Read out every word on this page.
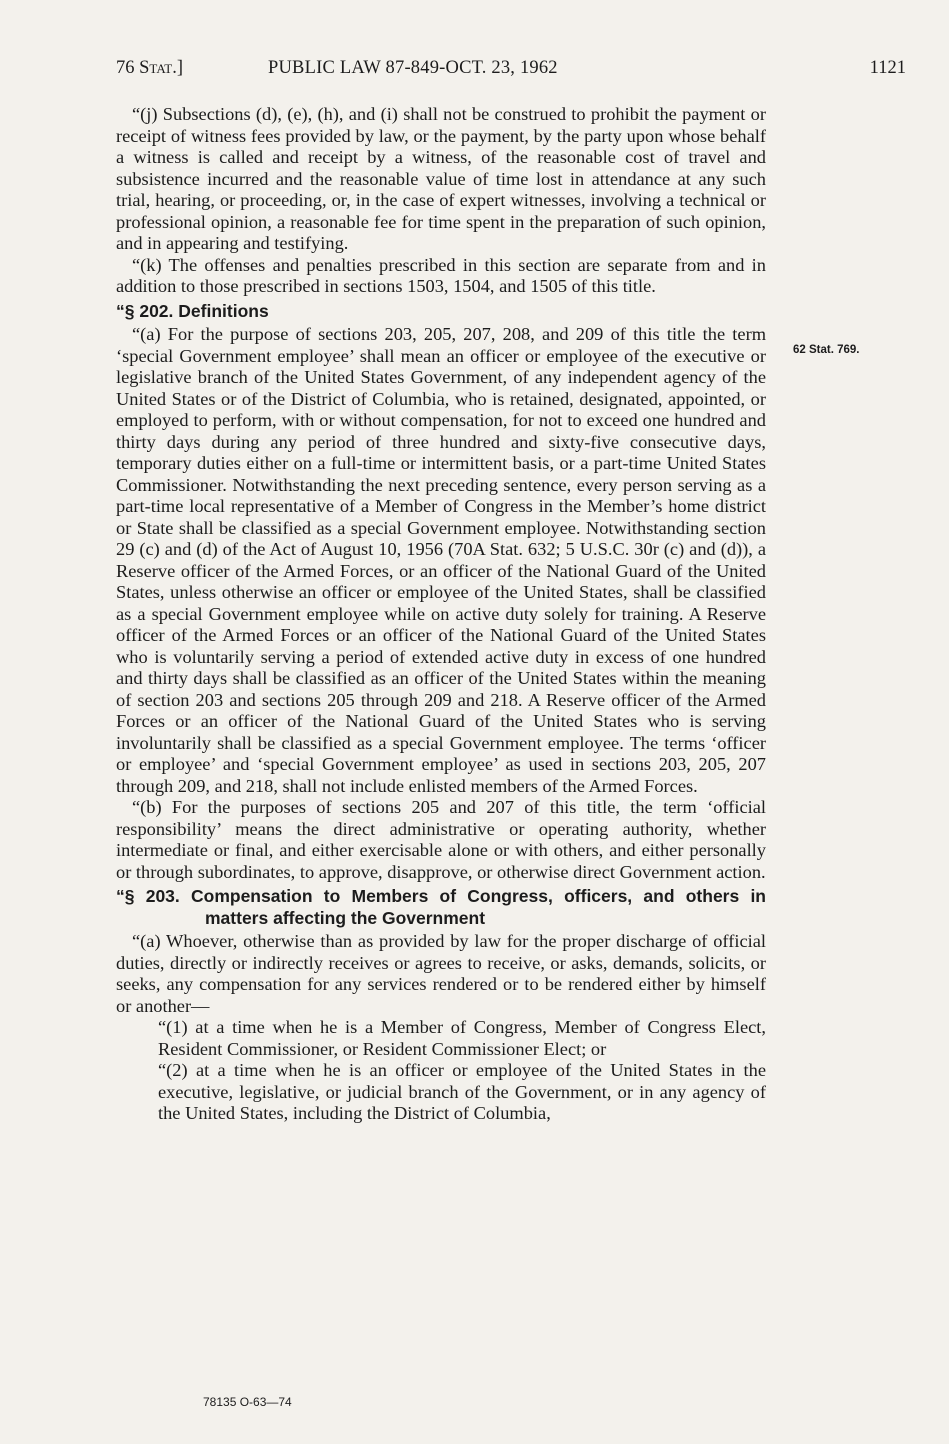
76 Stat.]	PUBLIC LAW 87-849-OCT. 23, 1962	1121
62 Stat. 769.

“(j) Subsections (d), (e), (h), and (i) shall not be construed to prohibit the payment or receipt of witness fees provided by law, or the payment, by the party upon whose behalf a witness is called and receipt by a witness, of the reasonable cost of travel and subsistence incurred and the reasonable value of time lost in attendance at any such trial, hearing, or proceeding, or, in the case of expert witnesses, involving a technical or professional opinion, a reasonable fee for time spent in the preparation of such opinion, and in appearing and testifying.

“(k) The offenses and penalties prescribed in this section are separate from and in addition to those prescribed in sections 1503, 1504, and 1505 of this title.

“§ 202. Definitions

“(a) For the purpose of sections 203, 205, 207, 208, and 209 of this title the term ‘special Government employee’ shall mean an officer or employee of the executive or legislative branch of the United States Government, of any independent agency of the United States or of the District of Columbia, who is retained, designated, appointed, or employed to perform, with or without compensation, for not to exceed one hundred and thirty days during any period of three hundred and sixty-five consecutive days, temporary duties either on a full-time or intermittent basis, or a part-time United States Commissioner. Notwithstanding the next preceding sentence, every person serving as a part-time local representative of a Member of Congress in the Member’s home district or State shall be classified as a special Government employee. Notwithstanding section 29 (c) and (d) of the Act of August 10, 1956 (70A Stat. 632; 5 U.S.C. 30r (c) and (d)), a Reserve officer of the Armed Forces, or an officer of the National Guard of the United States, unless otherwise an officer or employee of the United States, shall be classified as a special Government employee while on active duty solely for training. A Reserve officer of the Armed Forces or an officer of the National Guard of the United States who is voluntarily serving a period of extended active duty in excess of one hundred and thirty days shall be classified as an officer of the United States within the meaning of section 203 and sections 205 through 209 and 218. A Reserve officer of the Armed Forces or an officer of the National Guard of the United States who is serving involuntarily shall be classified as a special Government employee. The terms ‘officer or employee’ and ‘special Government employee’ as used in sections 203, 205, 207 through 209, and 218, shall not include enlisted members of the Armed Forces.

“(b) For the purposes of sections 205 and 207 of this title, the term ‘official responsibility’ means the direct administrative or operating authority, whether intermediate or final, and either exercisable alone or with others, and either personally or through subordinates, to approve, disapprove, or otherwise direct Government action.

“§ 203. Compensation to Members of Congress, officers, and others in matters affecting the Government

“(a) Whoever, otherwise than as provided by law for the proper discharge of official duties, directly or indirectly receives or agrees to receive, or asks, demands, solicits, or seeks, any compensation for any services rendered or to be rendered either by himself or another—

“(1) at a time when he is a Member of Congress, Member of Congress Elect, Resident Commissioner, or Resident Commissioner Elect; or

“(2) at a time when he is an officer or employee of the United States in the executive, legislative, or judicial branch of the Government, or in any agency of the United States, including the District of Columbia,

78135 O-63—74
